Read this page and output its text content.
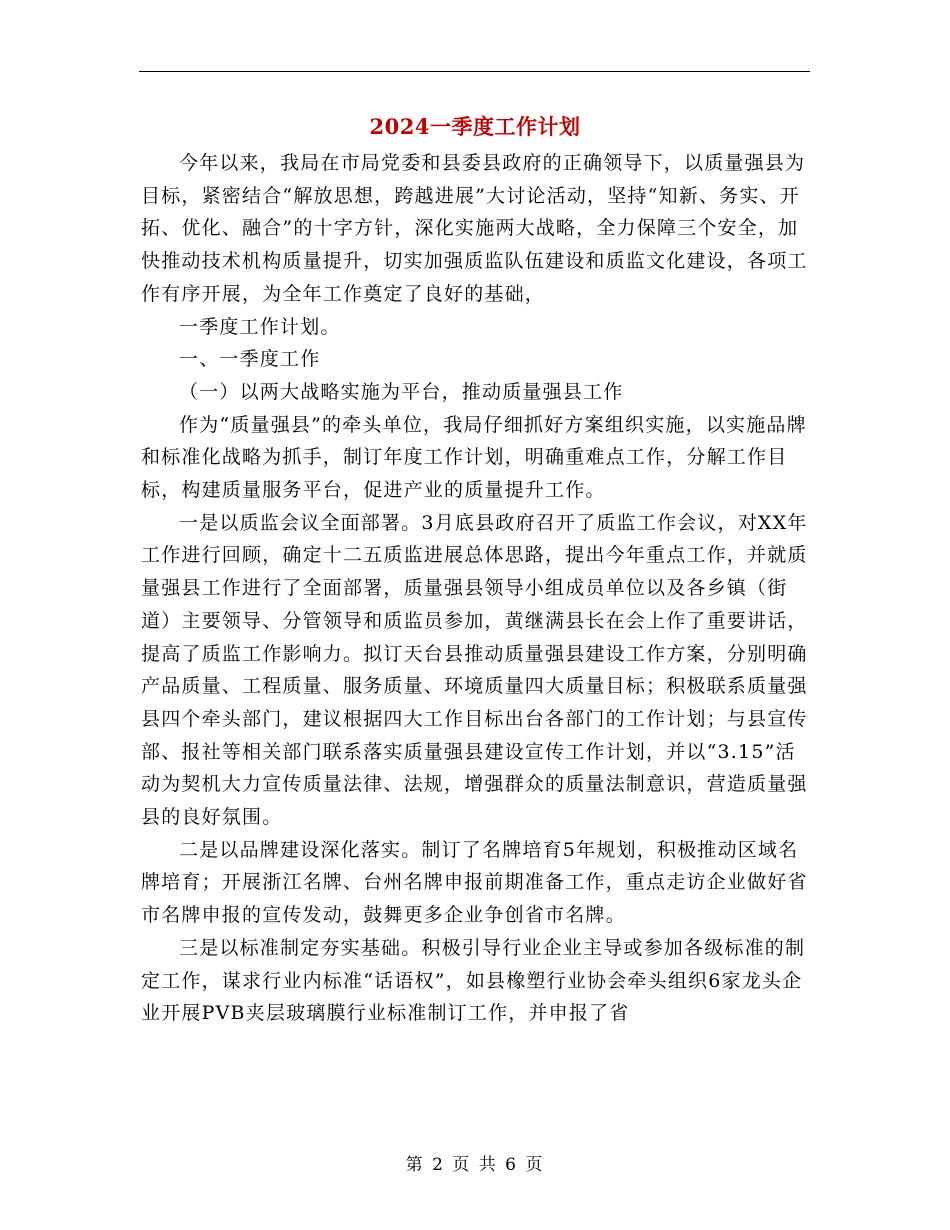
2024一季度工作计划

今年以来，我局在市局党委和县委县政府的正确领导下，以质量强县为目标，紧密结合“解放思想，跨越进展”大讨论活动，坚持“知新、务实、开拓、优化、融合”的十字方针，深化实施两大战略，全力保障三个安全，加快推动技术机构质量提升，切实加强质监队伍建设和质监文化建设，各项工作有序开展，为全年工作奠定了良好的基础，

一季度工作计划。

一、一季度工作

（一）以两大战略实施为平台，推动质量强县工作

作为“质量强县”的牵头单位，我局仔细抓好方案组织实施，以实施品牌和标准化战略为抓手，制订年度工作计划，明确重难点工作，分解工作目标，构建质量服务平台，促进产业的质量提升工作。

一是以质监会议全面部署。3月底县政府召开了质监工作会议，对XX年工作进行回顾，确定十二五质监进展总体思路，提出今年重点工作，并就质量强县工作进行了全面部署，质量强县领导小组成员单位以及各乡镇（街道）主要领导、分管领导和质监员参加，黄继满县长在会上作了重要讲话，提高了质监工作影响力。拟订天台县推动质量强县建设工作方案，分别明确产品质量、工程质量、服务质量、环境质量四大质量目标；积极联系质量强县四个牵头部门，建议根据四大工作目标出台各部门的工作计划；与县宣传部、报社等相关部门联系落实质量强县建设宣传工作计划，并以“3.15”活动为契机大力宣传质量法律、法规，增强群众的质量法制意识，营造质量强县的良好氛围。

二是以品牌建设深化落实。制订了名牌培育5年规划，积极推动区域名牌培育；开展浙江名牌、台州名牌申报前期准备工作，重点走访企业做好省市名牌申报的宣传发动，鼓舞更多企业争创省市名牌。

三是以标准制定夯实基础。积极引导行业企业主导或参加各级标准的制定工作，谋求行业内标准“话语权”，如县橡塑行业协会牵头组织6家龙头企业开展PVB夹层玻璃膜行业标准制订工作，并申报了省

第 2 页 共 6 页
